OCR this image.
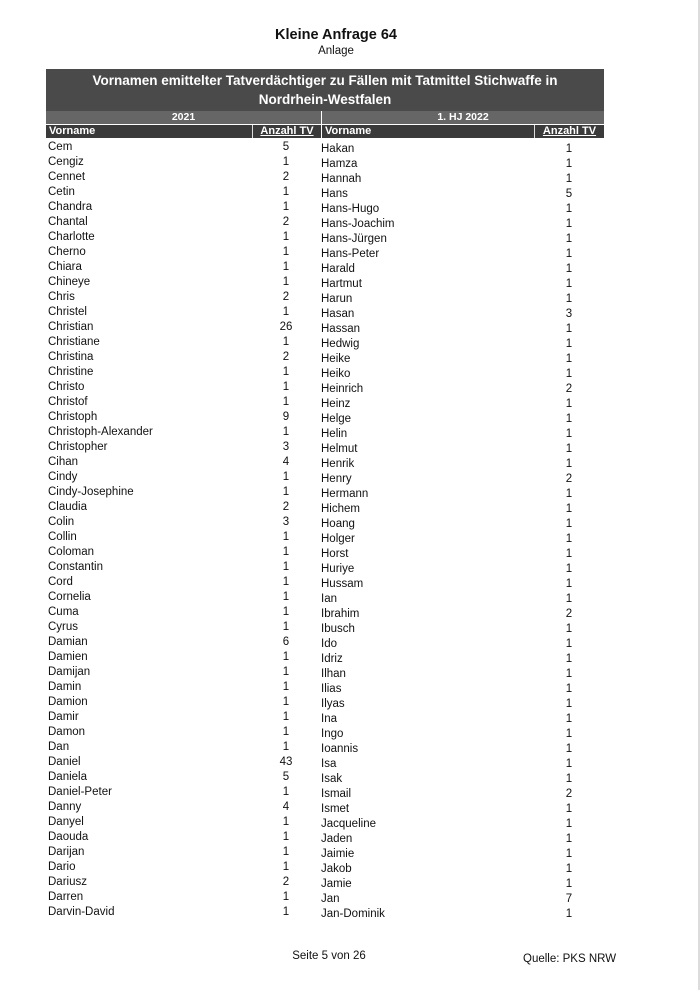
Kleine Anfrage 64
Anlage
Vornamen emittelter Tatverdächtiger zu Fällen mit Tatmittel Stichwaffe in
Nordrhein-Westfalen
2021	1. HJ 2022
Vorname	Anzahl TV	Vorname	Anzahl TV
Cem	5
Cengiz	1
Cennet	2
Cetin	1
Chandra	1
Chantal	2
Charlotte	1
Cherno	1
Chiara	1
Chineye	1
Chris	2
Christel	1
Christian	26
Christiane	1
Christina	2
Christine	1
Christo	1
Christof	1
Christoph	9
Christoph-Alexander	1
Christopher	3
Cihan	4
Cindy	1
Cindy-Josephine	1
Claudia	2
Colin	3
Collin	1
Coloman	1
Constantin	1
Cord	1
Cornelia	1
Cuma	1
Cyrus	1
Damian	6
Damien	1
Damijan	1
Damin	1
Damion	1
Damir	1
Damon	1
Dan	1
Daniel	43
Daniela	5
Daniel-Peter	1
Danny	4
Danyel	1
Daouda	1
Darijan	1
Dario	1
Dariusz	2
Darren	1
Darvin-David	1
Hakan	1
Hamza	1
Hannah	1
Hans	5
Hans-Hugo	1
Hans-Joachim	1
Hans-Jürgen	1
Hans-Peter	1
Harald	1
Hartmut	1
Harun	1
Hasan	3
Hassan	1
Hedwig	1
Heike	1
Heiko	1
Heinrich	2
Heinz	1
Helge	1
Helin	1
Helmut	1
Henrik	1
Henry	2
Hermann	1
Hichem	1
Hoang	1
Holger	1
Horst	1
Huriye	1
Hussam	1
Ian	1
Ibrahim	2
Ibusch	1
Ido	1
Idriz	1
Ilhan	1
Ilias	1
Ilyas	1
Ina	1
Ingo	1
Ioannis	1
Isa	1
Isak	1
Ismail	2
Ismet	1
Jacqueline	1
Jaden	1
Jaimie	1
Jakob	1
Jamie	1
Jan	7
Jan-Dominik	1
Seite 5 von 26	Quelle: PKS NRW
